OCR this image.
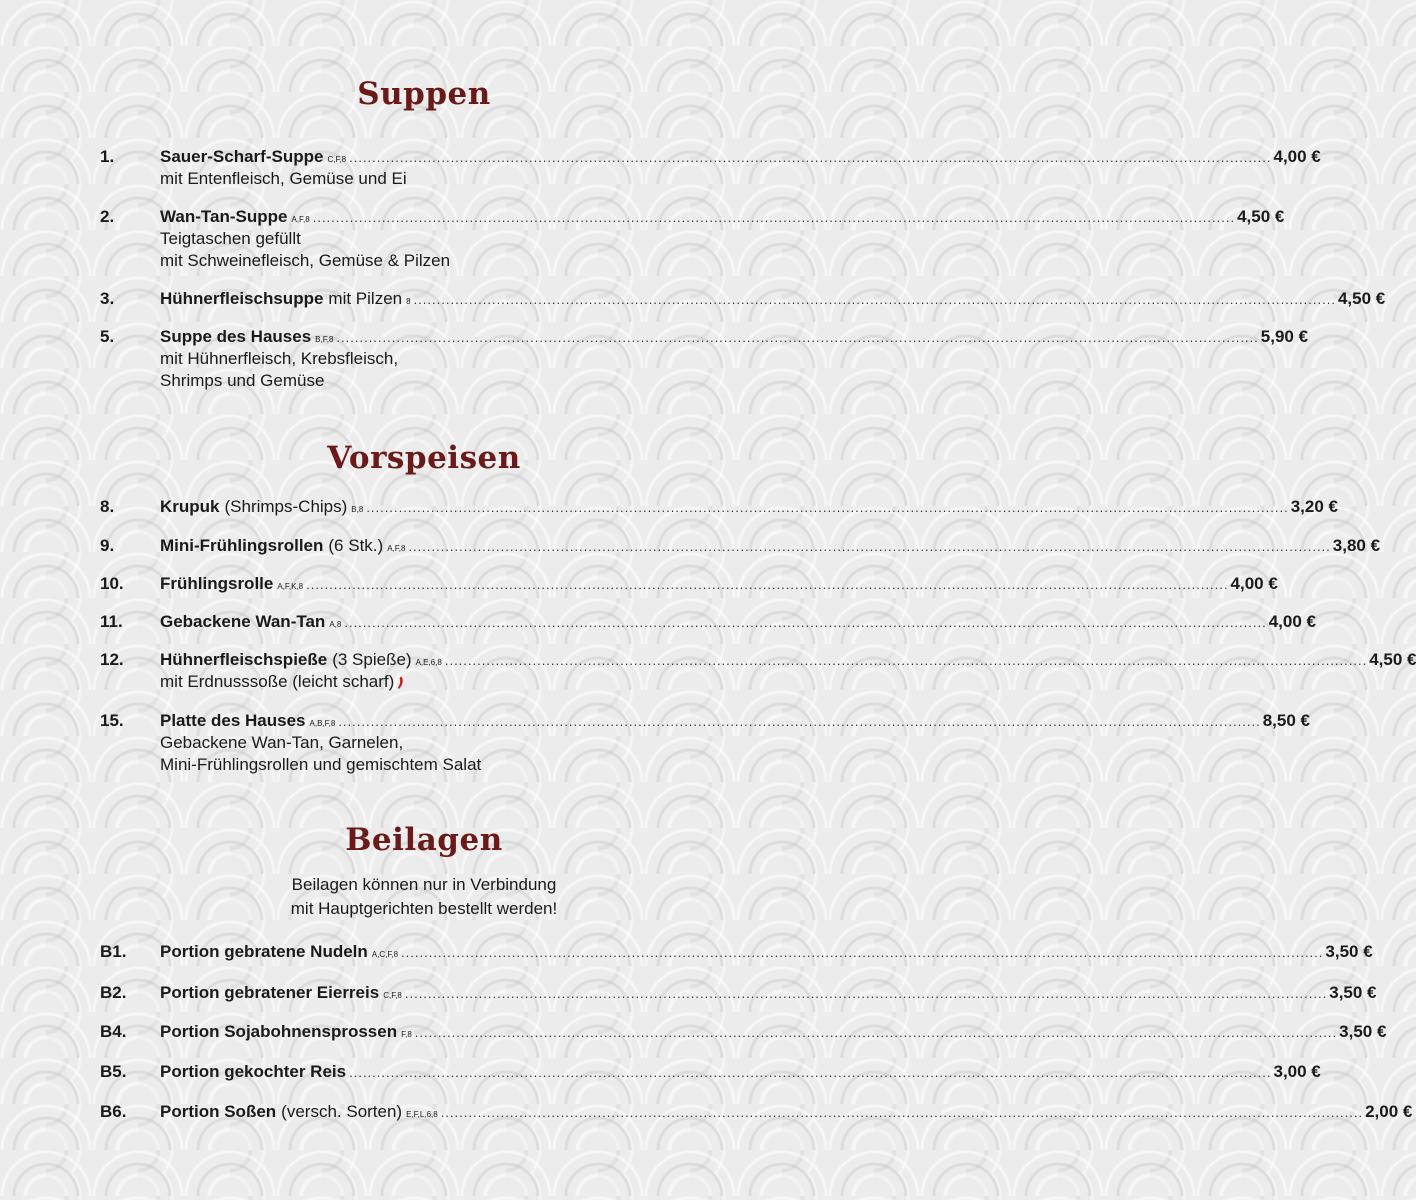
Suppen
1.	Sauer-Scharf-Suppe C,F,8 ........................................................................................................................................................................................................ 4,00 €
mit Entenfleisch, Gemüse und Ei
2.	Wan-Tan-Suppe A,F,8 ........................................................................................................................................................................................................ 4,50 €
Teigtaschen gefüllt
mit Schweinefleisch, Gemüse & Pilzen
3.	Hühnerfleischsuppe mit Pilzen 8 ........................................................................................................................................................................................................ 4,50 €
5.	Suppe des Hauses B,F,8 ........................................................................................................................................................................................................ 5,90 €
mit Hühnerfleisch, Krebsfleisch,
Shrimps und Gemüse
Vorspeisen
8.	Krupuk (Shrimps-Chips) B,8 ........................................................................................................................................................................................................ 3,20 €
9.	Mini-Frühlingsrollen (6 Stk.) A,F,8 ........................................................................................................................................................................................................ 3,80 €
10. Frühlingsrolle A,F,K,8 ........................................................................................................................................................................................................ 4,00 €
11. Gebackene Wan-Tan A,8 ........................................................................................................................................................................................................ 4,00 €
12. Hühnerfleischspieße (3 Spieße) A,E,6,8 ........................................................................................................................................................................................................ 4,50 €
mit Erdnusssoße (leicht scharf)
15. Platte des Hauses A,B,F,8 ........................................................................................................................................................................................................ 8,50 €
Gebackene Wan-Tan, Garnelen,
Mini-Frühlingsrollen und gemischtem Salat
Beilagen
Beilagen können nur in Verbindung
mit Hauptgerichten bestellt werden!
B1. Portion gebratene Nudeln A,C,F,8 ........................................................................................................................................................................................................ 3,50 €
B2. Portion gebratener Eierreis C,F,8 ........................................................................................................................................................................................................ 3,50 €
B4. Portion Sojabohnensprossen F,8 ........................................................................................................................................................................................................ 3,50 €
B5. Portion gekochter Reis ........................................................................................................................................................................................................ 3,00 €
B6. Portion Soßen (versch. Sorten) E,F,L,6,8 ........................................................................................................................................................................................................ 2,00 €
